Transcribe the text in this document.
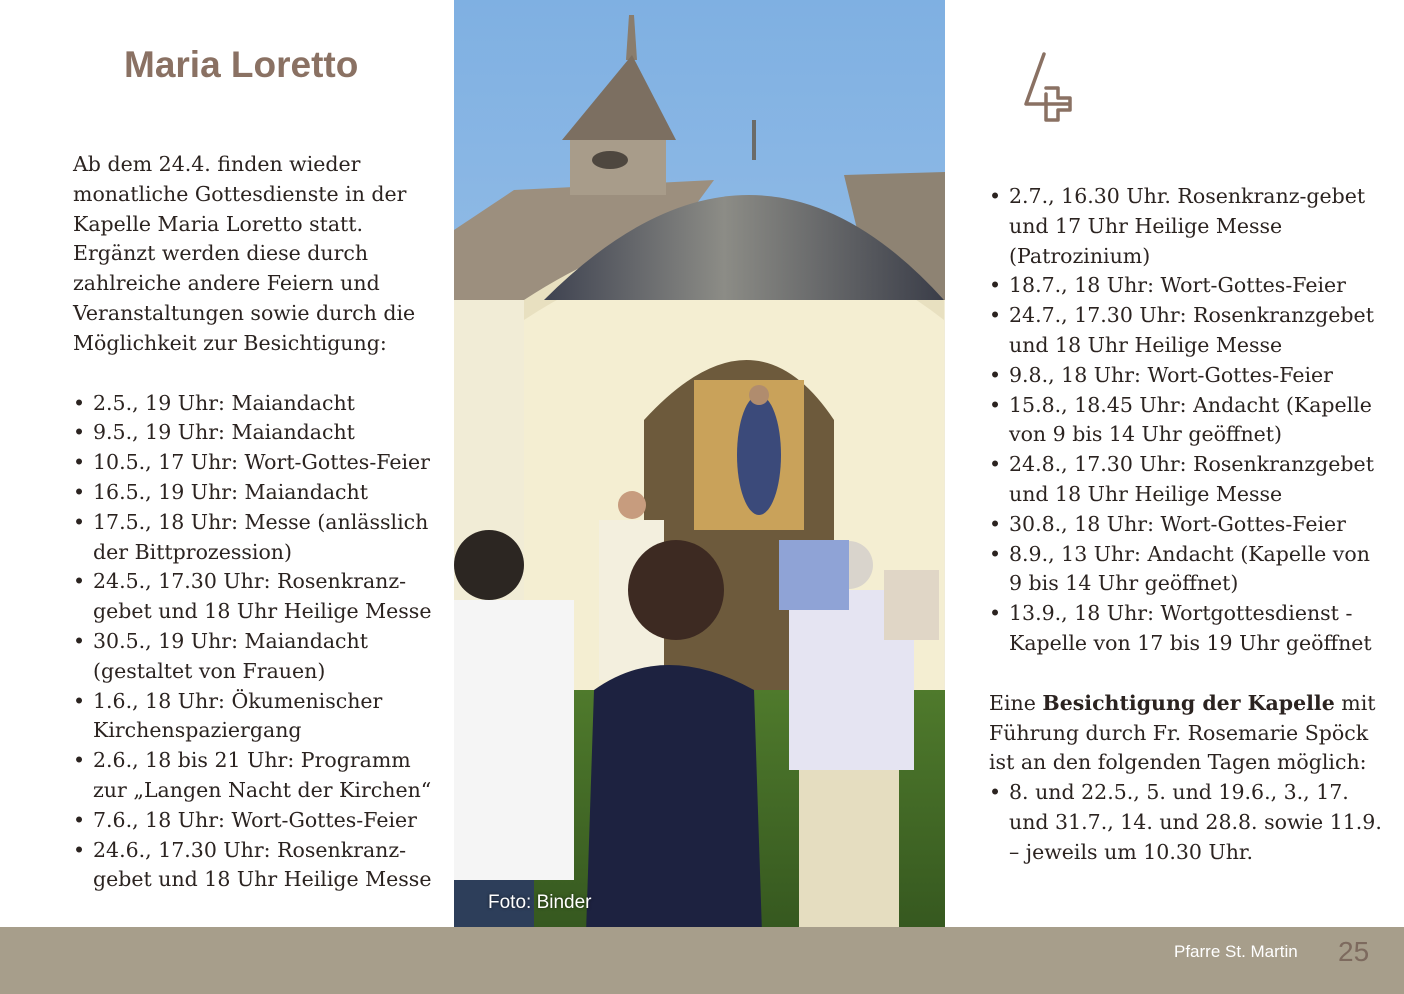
Maria Loretto

Ab dem 24.4. finden wieder monatliche Gottesdienste in der Kapelle Maria Loretto statt. Ergänzt werden diese durch zahlreiche andere Feiern und Veranstaltungen sowie durch die Möglichkeit zur Besichtigung:

• 2.5., 19 Uhr: Maiandacht
• 9.5., 19 Uhr: Maiandacht
• 10.5., 17 Uhr: Wort-Gottes-Feier
• 16.5., 19 Uhr: Maiandacht
• 17.5., 18 Uhr: Messe (anlässlich der Bittprozession)
• 24.5., 17.30 Uhr: Rosenkranz-gebet und 18 Uhr Heilige Messe
• 30.5., 19 Uhr: Maiandacht (gestaltet von Frauen)
• 1.6., 18 Uhr: Ökumenischer Kirchenspaziergang
• 2.6., 18 bis 21 Uhr: Programm zur „Langen Nacht der Kirchen“
• 7.6., 18 Uhr: Wort-Gottes-Feier
• 24.6., 17.30 Uhr: Rosenkranz-gebet und 18 Uhr Heilige Messe
Foto: Binder
• 2.7., 16.30 Uhr. Rosenkranz-gebet und 17 Uhr Heilige Messe (Patrozinium)
• 18.7., 18 Uhr: Wort-Gottes-Feier
• 24.7., 17.30 Uhr: Rosenkranzgebet und 18 Uhr Heilige Messe
• 9.8., 18 Uhr: Wort-Gottes-Feier
• 15.8., 18.45 Uhr: Andacht (Kapelle von 9 bis 14 Uhr geöffnet)
• 24.8., 17.30 Uhr: Rosenkranzgebet und 18 Uhr Heilige Messe
• 30.8., 18 Uhr: Wort-Gottes-Feier
• 8.9., 13 Uhr: Andacht (Kapelle von 9 bis 14 Uhr geöffnet)
• 13.9., 18 Uhr: Wortgottesdienst - Kapelle von 17 bis 19 Uhr geöffnet

Eine Besichtigung der Kapelle mit Führung durch Fr. Rosemarie Spöck ist an den folgenden Tagen möglich:

• 8. und 22.5., 5. und 19.6., 3., 17. und 31.7., 14. und 28.8. sowie 11.9. – jeweils um 10.30 Uhr.
Pfarre St. Martin 25
